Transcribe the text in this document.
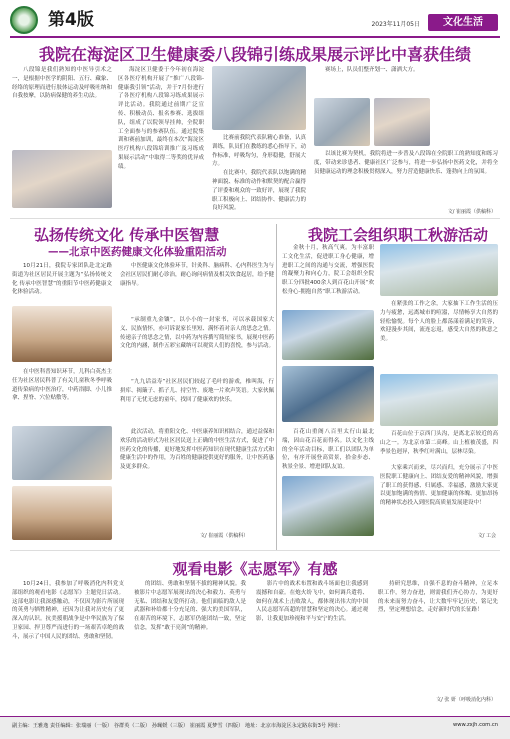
第4版	2023年11月05日	文化生活
我院在海淀区卫生健康委八段锦引练成果展示评比中喜获佳绩

八段锦是我们熟知的中医导引术之一，是根据中医学的阴阳、五行、藏象、经络的原理而进行肢体运动及呼吸吐纳和自我按摩，以防病保健的养生功法。

海淀区卫健委于今年初在海淀区各医疗机构开展了“推广八段锦-健康我引领”活动，并于7月份进行了各医疗机构八段锦习练成果展示评比活动。我院通过前期广泛宣传、积极动员、报名参赛、选拔组队，组成了以院领导挂帅，全院职工全面参与的参赛队伍。通过院集训和赛前加训，最终在本次“海淀区医疗机构八段锦培训推广及习练成果展示活动”中取得二等奖的优异成绩。

比赛前我院代表队精心准备，认真训练，队员们在教练的悉心指导下，动作标准，呼吸均匀，身形稳健，舒展大方。

在比赛中，我院代表队以饱满的精神面貌、标准的动作和默契的配合赢得了评委和观众的一致好评，展现了我院职工积极向上、团结协作、健康活力的良好风貌。

赛场上，队员们整齐划一、潇洒大方。

以该比赛为契机，我院将进一步普及八段锦在全院职工的熟知度和练习度，带动来诊患者、健康社区广泛参与，将进一步弘扬中医药文化，并将全员健康运动的理念积极贯彻深入，努力营造健康快乐、蓬勃向上的氛围。

文/ 崔丽霞（供稿科）
弘扬传统文化 传承中医智慧
——北京中医药健康文化体验重阳活动

10月21日，我院专家团队赴北定路街道为社区居民开展主题为“弘扬传统文化 传承中医智慧”的重阳节中医药健康文化体验活动。

在中医科普知识环节，儿科白英杰主任为社区居民科普了有关儿童秋冬季呼吸道传染病的中医治疗，中药浴脚、小儿推拿、捏脊、穴位贴敷等。

中医健康文化体验环节，针灸科、脑病科、心内科医生为与会社区居民们耐心诊治，耐心询问病情及相关饮食起居，给予健康指导。

“承制重九金镶”，以小小的一封家书，可以承载国家大义、民族情怀，亦可诉说家长里短、满怀着对亲人的思念之情。传递亲子的思念之情，以中药为内容撰写简短家书，展现中医药文化的内涵，制作五彩宝藏纳可以观赏人们的喜悦，参与活动。

“九九话益寿”社区居民们较起了毛叶的游戏，椎叫海，行拼库、揭簸子、抓子儿、持空竹、废地一片欢声笑语。大家伙佩利用了无忧无虑的童年，找回了健康欢的快乐。

此次活动，将重阳文化、中医康养知识相结合，通过益保和欢乐的活动形式为社区居民送上正确的中医生活方式，促进了中医药文化的传播，更好地发挥中医药知识在现代健康生活方式和健康生活中的作用，为百姓的健康提供更好的服务，让中医药惠及更多群众。

文/ 崔丽霞（供稿科）
我院工会组织职工秋游活动

金秋十月，秋高气爽。为丰富职工文化生活，促进职工身心健康，增进职工之间的沟通与交流，增强医院的凝聚力和向心力，院工会组织全院职工分四批400余人到百花山开展“欢松身心·拥抱自然”职工秋游活动。

在紧张的工作之余，大家抽下工作生活的压力与疲惫，远离城市的喧嚣，尽情畅享大自然的轻松愉悦。每个人的脸上都荡漾着满足的笑容，欢迎漫步其间，流连忘返，感受大自然的秋意之美。

百花山重阁八百里太行山最北端，因山花百花而得名。以文化主线的全年活动目标，职工们以团队为单位，有序开展登高赏景，拾金步态、秋景全景、增进团队友谊。

百花山位于京西门头沟，是离北京较近的高山之一。为北京市第二高峰。山上植被茂盛，四季景色迥异，秋季红叶满山，层林尽染。

大家乘兴而来，尽兴而归，充分展示了中医医院职工健康向上、团结友爱的精神风貌，增强了职工的获得感、归属感、幸福感，激励大家更以更加饱满的热情、更加健康的体魄、更加昂扬的精神状态投入到医院高质量发展建设中！

文/ 工会
观看电影《志愿军》有感

10月24日，我参加了呼吸消化内科党支部组织的观看电影《志愿军》主题党日活动。这部电影让我深感触动，不仅因为影片所展现的英勇与牺牲精神，还因为让我对历史有了更深入的认识。抗美援朝战争是中华民族为了保卫家园、捍卫尊严而进行的一场艰苦卓绝的战斗，展示了中国人民的团结、勇敢和坚韧。

的团结、勇敢和坚韧不拔的精神风貌。我被影片中志愿军展现出的决心和毅力、英勇与无私、团结和友爱所打动。他们面临的敌人是武器和补给都十分充足的、强大的美国军队，在艰苦的环境下，志愿军仍能团结一致，坚定信念，发挥“敢于亮剑”的精神。

影片中的战术布置和战斗场面也让我感到震撼和自豪。在炮火纷飞中，如何调兵遣将、如何在战术上击败敌人，都体现出伟大的中国人民志愿军高超的智慧和坚定的决心。通过观影，让我更加珍视和平与安宁的生活。

持研究思维，自强不息的奋斗精神，立足本职工作，努力奋进，则需我们齐心协力，为更好的未来而努力奋斗，让大数牢牢记历史，铭记先烈，坚定理想信念，走好新时代的长征路！

文/ 张 妍（呼吸消化内科）
副主编：王雅逸 责任编辑：张瑞丽（一版） 谷群英（二版） 孙珮媛（三版） 崔丽霞 夏梦雪（四版） 地址：北京市海淀区永定路东街3号 网址：	www.zxjh.com.cn
